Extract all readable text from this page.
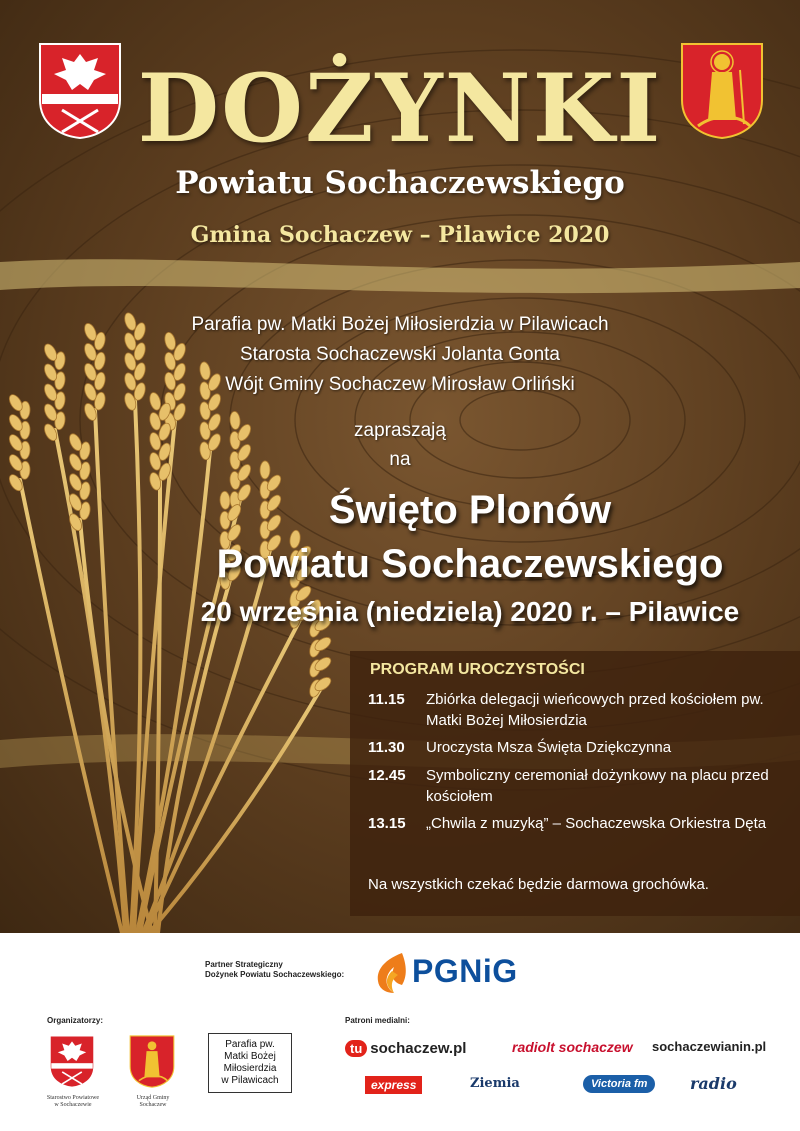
DOŻYNKI
Powiatu Sochaczewskiego
Gmina Sochaczew – Pilawice 2020
Parafia pw. Matki Bożej Miłosierdzia w Pilawicach
Starosta Sochaczewski Jolanta Gonta
Wójt Gminy Sochaczew Mirosław Orliński
zapraszają
na
Święto Plonów
Powiatu Sochaczewskiego
20 września (niedziela) 2020 r. – Pilawice
PROGRAM UROCZYSTOŚCI
11.15	Zbiórka delegacji wieńcowych przed kościołem pw. Matki Bożej Miłosierdzia
11.30	Uroczysta Msza Święta Dziękczynna
12.45	Symboliczny ceremoniał dożynkowy na placu przed kościołem
13.15	„Chwila z muzyką” – Sochaczewska Orkiestra Dęta
Na wszystkich czekać będzie darmowa grochówka.
Partner Strategiczny
Dożynek Powiatu Sochaczewskiego: PGNiG
Organizatorzy:
Starostwo Powiatowe
w Sochaczewie
Urząd Gminy
Sochaczew
Parafia pw.
Matki Bożej
Miłosierdzia
w Pilawicach
Patroni medialni:
tu sochaczew.pl	radiolt sochaczew sochaczewianin.pl
express	Ziemia	Victoria fm	radio
